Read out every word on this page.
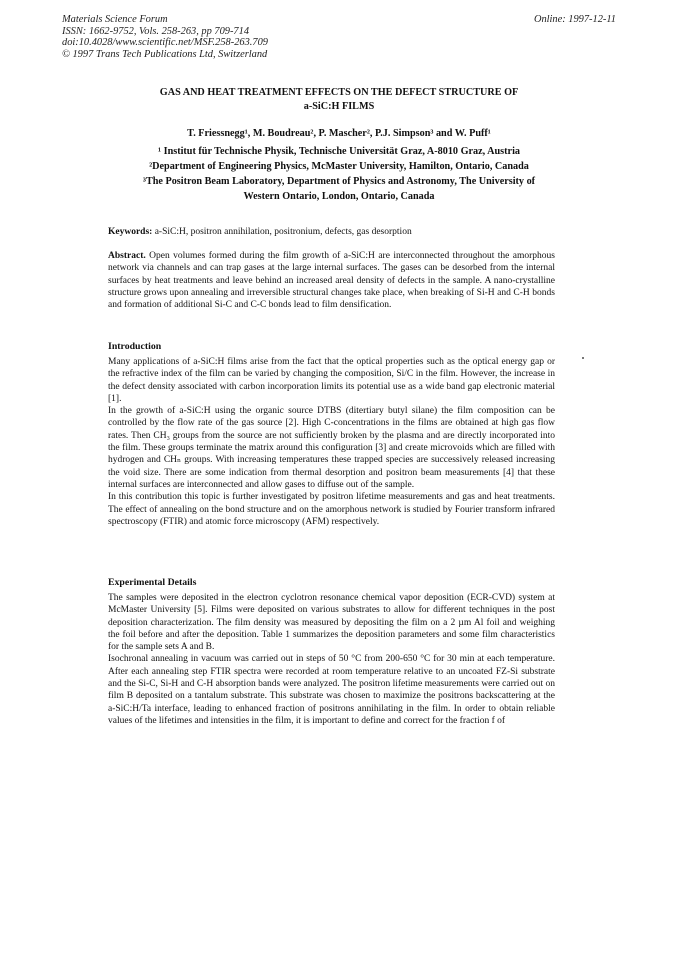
Materials Science Forum
ISSN: 1662-9752, Vols. 258-263, pp 709-714
doi:10.4028/www.scientific.net/MSF.258-263.709
© 1997 Trans Tech Publications Ltd, Switzerland
Online: 1997-12-11
GAS AND HEAT TREATMENT EFFECTS ON THE DEFECT STRUCTURE OF
a-SiC:H FILMS
T. Friessnegg¹, M. Boudreau², P. Mascher², P.J. Simpson³ and W. Puff¹
¹ Institut für Technische Physik, Technische Universität Graz, A-8010 Graz, Austria
²Department of Engineering Physics, McMaster University, Hamilton, Ontario, Canada
³The Positron Beam Laboratory, Department of Physics and Astronomy, The University of
Western Ontario, London, Ontario, Canada
Keywords: a-SiC:H, positron annihilation, positronium, defects, gas desorption
Abstract. Open volumes formed during the film growth of a-SiC:H are interconnected throughout the amorphous network via channels and can trap gases at the large internal surfaces. The gases can be desorbed from the internal surfaces by heat treatments and leave behind an increased areal density of defects in the sample. A nano-crystalline structure grows upon annealing and irreversible structural changes take place, when breaking of Si-H and C-H bonds and formation of additional Si-C and C-C bonds lead to film densification.
Introduction

Many applications of a-SiC:H films arise from the fact that the optical properties such as the optical energy gap or the refractive index of the film can be varied by changing the composition, Si/C in the film. However, the increase in the defect density associated with carbon incorporation limits its potential use as a wide band gap electronic material [1].

In the growth of a-SiC:H using the organic source DTBS (ditertiary butyl silane) the film composition can be controlled by the flow rate of the gas source [2]. High C-concentrations in the films are obtained at high gas flow rates. Then CH₃ groups from the source are not sufficiently broken by the plasma and are directly incorporated into the film. These groups terminate the matrix around this configuration [3] and create microvoids which are filled with hydrogen and CHₙ groups. With increasing temperatures these trapped species are successively released increasing the void size. There are some indication from thermal desorption and positron beam measurements [4] that these internal surfaces are interconnected and allow gases to diffuse out of the sample.

In this contribution this topic is further investigated by positron lifetime measurements and gas and heat treatments. The effect of annealing on the bond structure and on the amorphous network is studied by Fourier transform infrared spectroscopy (FTIR) and atomic force microscopy (AFM) respectively.

Experimental Details

The samples were deposited in the electron cyclotron resonance chemical vapor deposition (ECR-CVD) system at McMaster University [5]. Films were deposited on various substrates to allow for different techniques in the post deposition characterization. The film density was measured by depositing the film on a 2 µm Al foil and weighing the foil before and after the deposition. Table 1 summarizes the deposition parameters and some film characteristics for the sample sets A and B.

Isochronal annealing in vacuum was carried out in steps of 50 °C from 200-650 °C for 30 min at each temperature. After each annealing step FTIR spectra were recorded at room temperature relative to an uncoated FZ-Si substrate and the Si-C, Si-H and C-H absorption bands were analyzed. The positron lifetime measurements were carried out on film B deposited on a tantalum substrate. This substrate was chosen to maximize the positrons backscattering at the a-SiC:H/Ta interface, leading to enhanced fraction of positrons annihilating in the film. In order to obtain reliable values of the lifetimes and intensities in the film, it is important to define and correct for the fraction f of
